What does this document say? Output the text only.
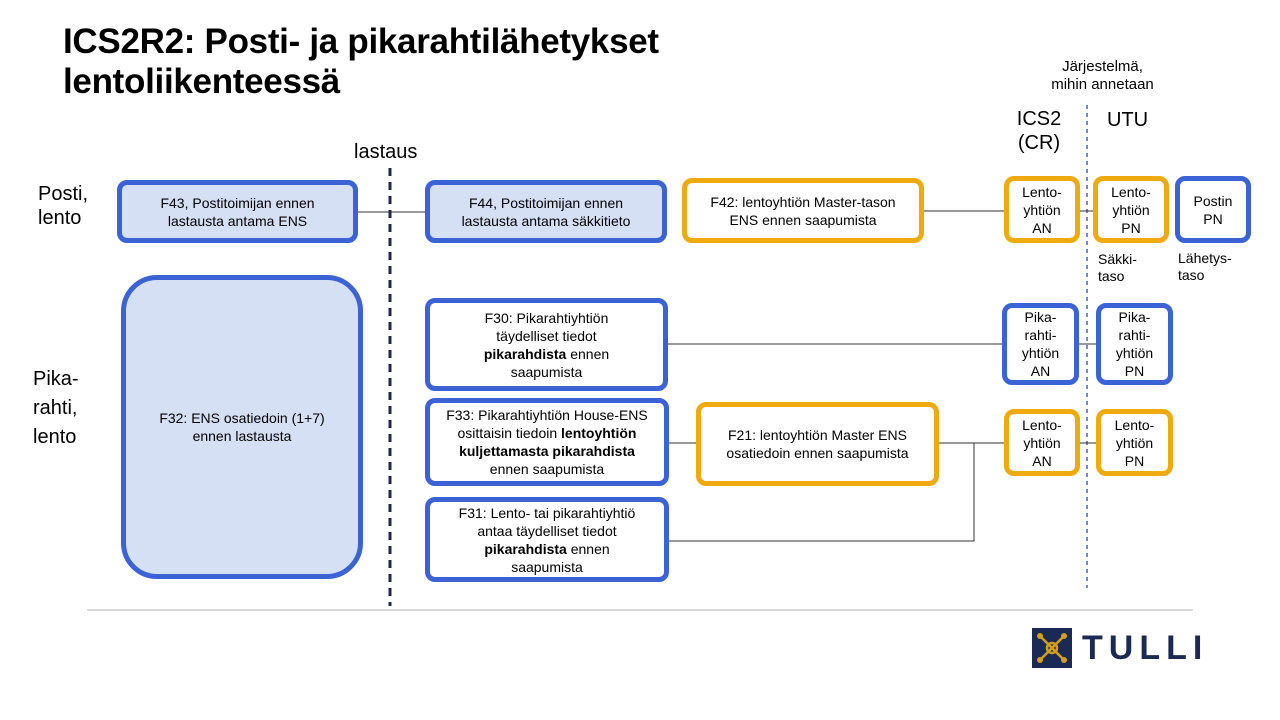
ICS2R2: Posti- ja pikarahtilähetykset
lentoliikenteessä	Järjestelmä,
mihin annetaan
ICS2
(CR)
UTU
lastaus
Posti,
lento
Pika-
rahti,
lento
F43, Postitoimijan ennen
lastausta antama ENS
F44, Postitoimijan ennen
lastausta antama säkkitieto
F42: lentoyhtiön Master-tason
ENS ennen saapumista
F32: ENS osatiedoin (1+7)
ennen lastausta
F30: Pikarahtiyhtiön
täydelliset tiedot
pikarahdista ennen
saapumista
F33: Pikarahtiyhtiön House-ENS
osittaisin tiedoin lentoyhtiön
kuljettamasta pikarahdista
ennen saapumista
F21: lentoyhtiön Master ENS
osatiedoin ennen saapumista
F31: Lento- tai pikarahtiyhtiö
antaa täydelliset tiedot
pikarahdista ennen
saapumista
Lento-
yhtiön
AN
Lento-
yhtiön
PN
Postin
PN
Säkki-
taso
Lähetys-
taso
Pika-
rahti-
yhtiön
AN
Pika-
rahti-
yhtiön
PN
Lento-
yhtiön
AN
Lento-
yhtiön
PN
TULLI
